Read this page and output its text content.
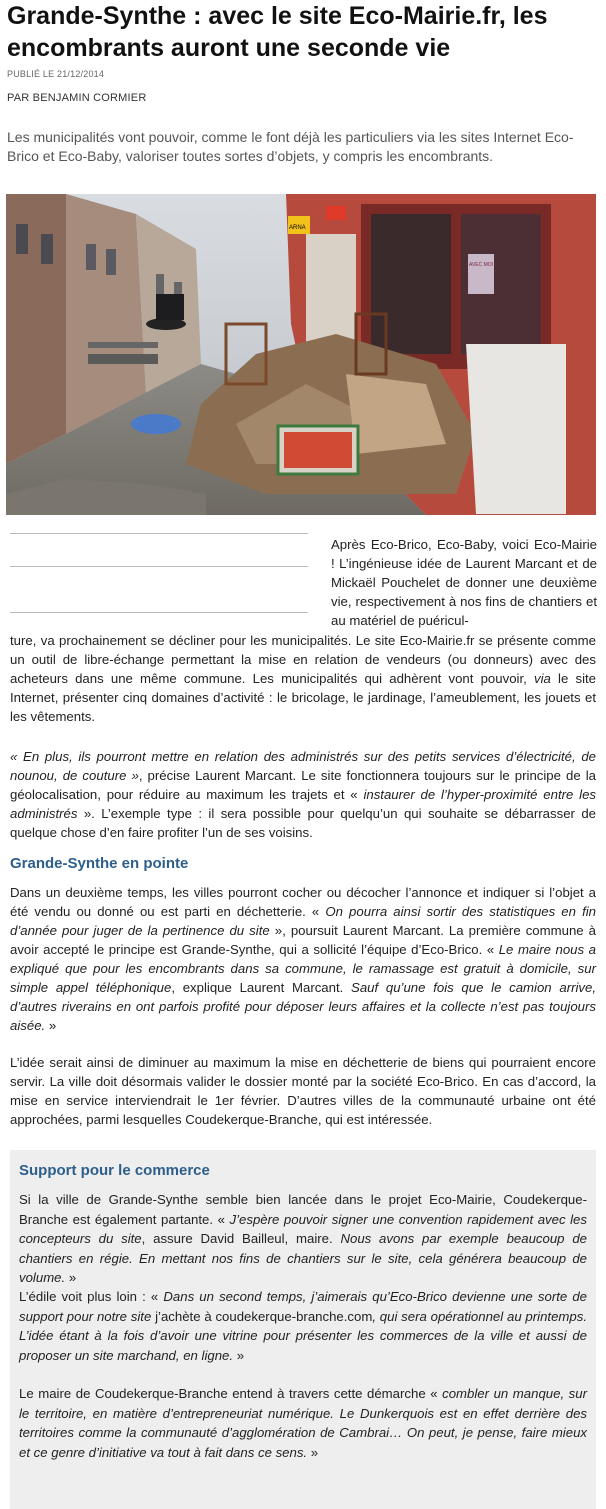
Grande-Synthe : avec le site Eco-Mairie.fr, les encombrants auront une seconde vie
PUBLIÉ LE 21/12/2014
PAR BENJAMIN CORMIER
Les municipalités vont pouvoir, comme le font déjà les particuliers via les sites Internet Eco-Brico et Eco-Baby, valoriser toutes sortes d’objets, y compris les encombrants.
ARNA
AVEC MOI
Après Eco-Brico, Eco-Baby, voici Eco-Mairie ! L’ingénieuse idée de Laurent Marcant et de Mickaël Pouchelet de donner une deuxième vie, respectivement à nos fins de chantiers et au matériel de puéricul-
ture, va prochainement se décliner pour les municipalités. Le site Eco-Mairie.fr se présente comme un outil de libre-échange permettant la mise en relation de vendeurs (ou donneurs) avec des acheteurs dans une même commune. Les municipalités qui adhèrent vont pouvoir, via le site Internet, présenter cinq domaines d’activité : le bricolage, le jardinage, l’ameublement, les jouets et les vêtements.
« En plus, ils pourront mettre en relation des administrés sur des petits services d’électricité, de nounou, de couture », précise Laurent Marcant. Le site fonctionnera toujours sur le principe de la géolocalisation, pour réduire au maximum les trajets et « instaurer de l’hyper-proximité entre les administrés ». L’exemple type : il sera possible pour quelqu’un qui souhaite se débarrasser de quelque chose d’en faire profiter l’un de ses voisins.
Grande-Synthe en pointe
Dans un deuxième temps, les villes pourront cocher ou décocher l’annonce et indiquer si l’objet a été vendu ou donné ou est parti en déchetterie. « On pourra ainsi sortir des statistiques en fin d’année pour juger de la pertinence du site », poursuit Laurent Marcant. La première commune à avoir accepté le principe est Grande-Synthe, qui a sollicité l’équipe d’Eco-Brico. « Le maire nous a expliqué que pour les encombrants dans sa commune, le ramassage est gratuit à domicile, sur simple appel téléphonique, explique Laurent Marcant. Sauf qu’une fois que le camion arrive, d’autres riverains en ont parfois profité pour déposer leurs affaires et la collecte n’est pas toujours aisée. »
L’idée serait ainsi de diminuer au maximum la mise en déchetterie de biens qui pourraient encore servir. La ville doit désormais valider le dossier monté par la société Eco-Brico. En cas d’accord, la mise en service interviendrait le 1er février. D’autres villes de la communauté urbaine ont été approchées, parmi lesquelles Coudekerque-Branche, qui est intéressée.
Support pour le commerce
Si la ville de Grande-Synthe semble bien lancée dans le projet Eco-Mairie, Coudekerque-Branche est également partante. « J’espère pouvoir signer une convention rapidement avec les concepteurs du site, assure David Bailleul, maire. Nous avons par exemple beaucoup de chantiers en régie. En mettant nos fins de chantiers sur le site, cela générera beaucoup de volume. »
L’édile voit plus loin : « Dans un second temps, j’aimerais qu’Eco-Brico devienne une sorte de support pour notre site j’achète à coudekerque-branche.com, qui sera opérationnel au printemps. L’idée étant à la fois d’avoir une vitrine pour présenter les commerces de la ville et aussi de proposer un site marchand, en ligne. »
Le maire de Coudekerque-Branche entend à travers cette démarche « combler un manque, sur le territoire, en matière d’entrepreneuriat numérique. Le Dunkerquois est en effet derrière des territoires comme la communauté d’agglomération de Cambrai… On peut, je pense, faire mieux et ce genre d’initiative va tout à fait dans ce sens. »
